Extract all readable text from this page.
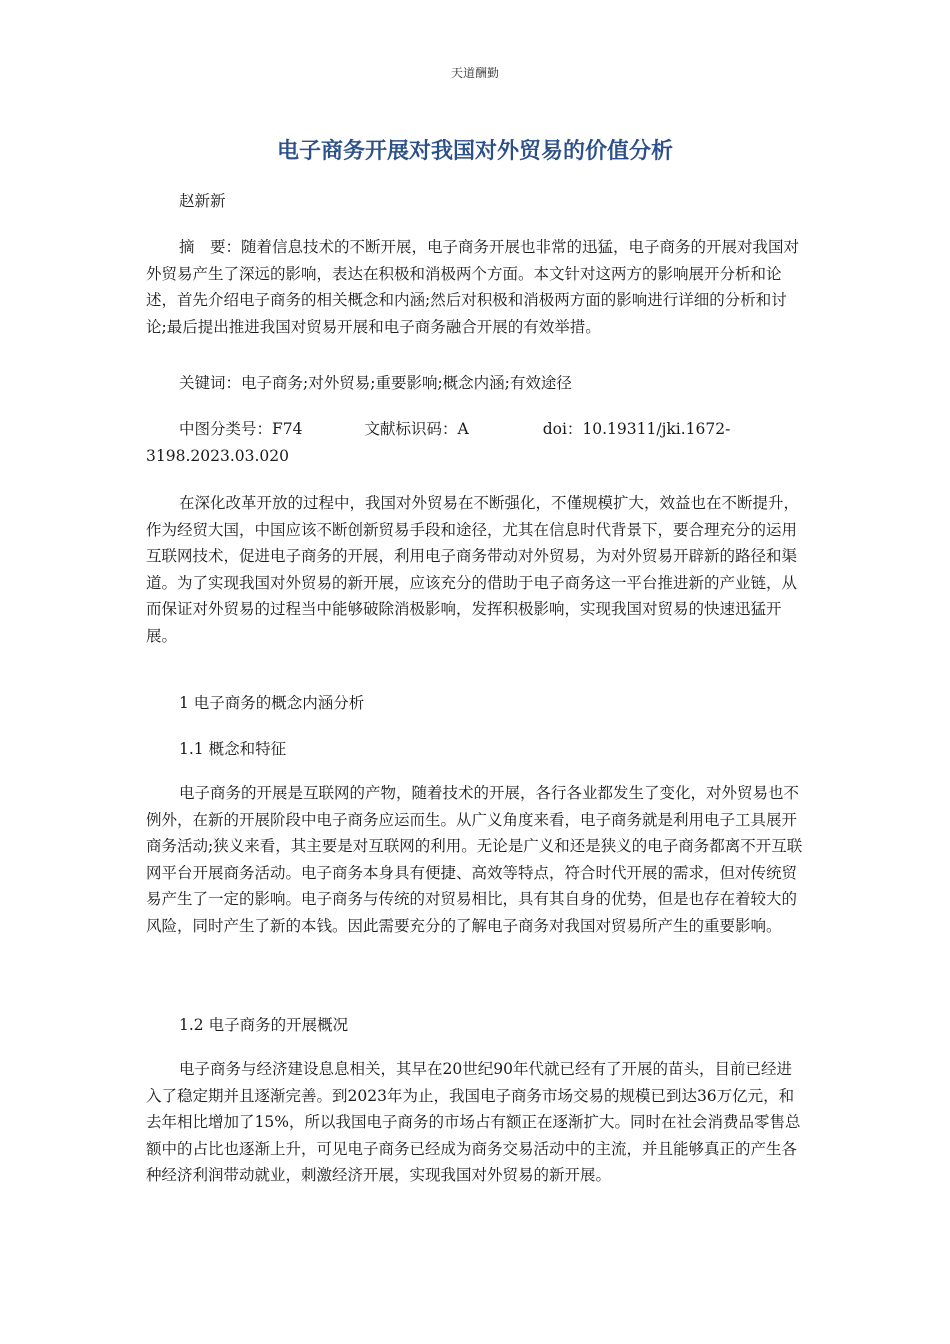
天道酬勤
电子商务开展对我国对外贸易的价值分析
赵新新
摘　要：随着信息技术的不断开展，电子商务开展也非常的迅猛，电子商务的开展对我国对外贸易产生了深远的影响，表达在积极和消极两个方面。本文针对这两方的影响展开分析和论述，首先介绍电子商务的相关概念和内涵;然后对积极和消极两方面的影响进行详细的分析和讨论;最后提出推进我国对贸易开展和电子商务融合开展的有效举措。
关键词：电子商务;对外贸易;重要影响;概念内涵;有效途径
中图分类号：F74	文献标识码：A	doi：10.19311/jki.1672-
3198.2023.03.020
在深化改革开放的过程中，我国对外贸易在不断强化，不僅规模扩大，效益也在不断提升，作为经贸大国，中国应该不断创新贸易手段和途径，尤其在信息时代背景下，要合理充分的运用互联网技术，促进电子商务的开展，利用电子商务带动对外贸易，为对外贸易开辟新的路径和渠道。为了实现我国对外贸易的新开展，应该充分的借助于电子商务这一平台推进新的产业链，从而保证对外贸易的过程当中能够破除消极影响，发挥积极影响，实现我国对贸易的快速迅猛开展。
1 电子商务的概念内涵分析
1.1 概念和特征
电子商务的开展是互联网的产物，随着技术的开展，各行各业都发生了变化，对外贸易也不例外，在新的开展阶段中电子商务应运而生。从广义角度来看，电子商务就是利用电子工具展开商务活动;狭义来看，其主要是对互联网的利用。无论是广义和还是狭义的电子商务都离不开互联网平台开展商务活动。电子商务本身具有便捷、高效等特点，符合时代开展的需求，但对传统贸易产生了一定的影响。电子商务与传统的对贸易相比，具有其自身的优势，但是也存在着较大的风险，同时产生了新的本钱。因此需要充分的了解电子商务对我国对贸易所产生的重要影响。
1.2 电子商务的开展概况
电子商务与经济建设息息相关，其早在20世纪90年代就已经有了开展的苗头，目前已经进入了稳定期并且逐渐完善。到2023年为止，我国电子商务市场交易的规模已到达36万亿元，和去年相比增加了15%，所以我国电子商务的市场占有额正在逐渐扩大。同时在社会消费品零售总额中的占比也逐渐上升，可见电子商务已经成为商务交易活动中的主流，并且能够真正的产生各种经济利润带动就业，刺激经济开展，实现我国对外贸易的新开展。
